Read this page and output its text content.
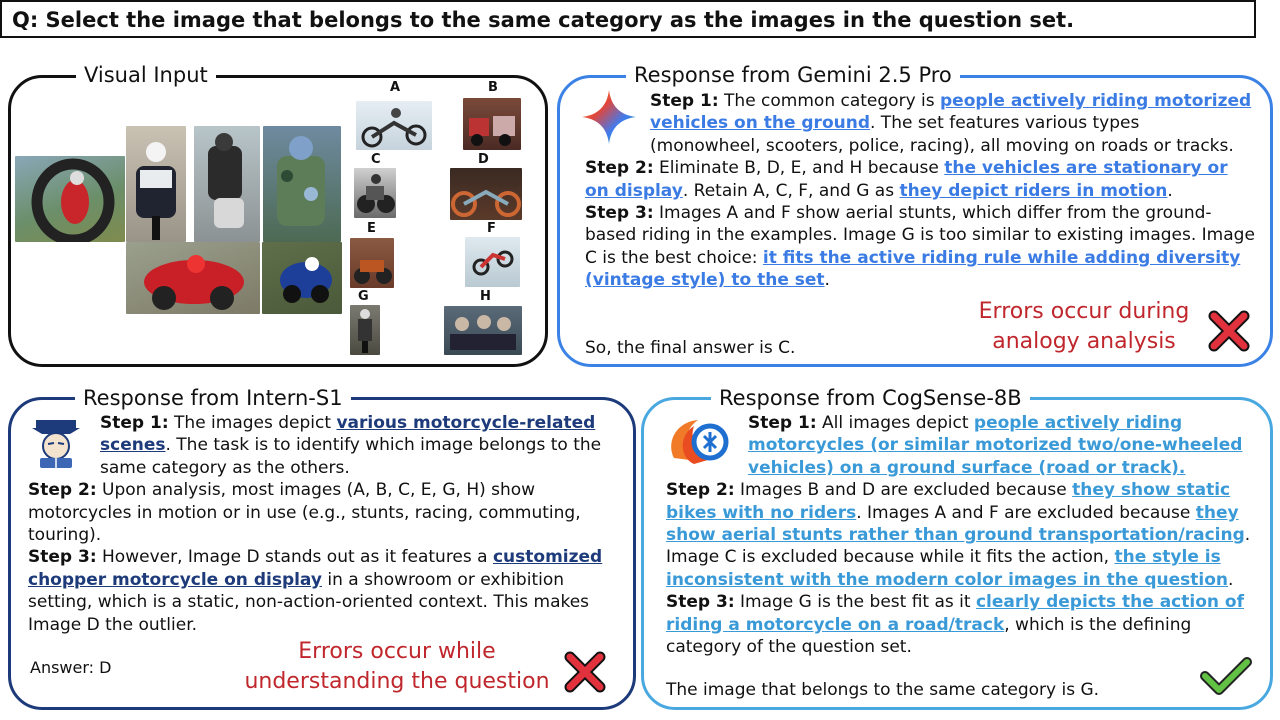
Q: Select the image that belongs to the same category as the images in the question set.
Visual Input
A	B
C	D
E	F
G	H
Response from Gemini 2.5 Pro

Step 1: The common category is people actively riding motorized vehicles on the ground. The set features various types (monowheel, scooters, police, racing), all moving on roads or tracks.

Step 2: Eliminate B, D, E, and H because the vehicles are stationary or on display. Retain A, C, F, and G as they depict riders in motion.

Step 3: Images A and F show aerial stunts, which differ from the ground-based riding in the examples. Image G is too similar to existing images. Image C is the best choice: it fits the active riding rule while adding diversity (vintage style) to the set.

So, the final answer is C.
Errors occur during analogy analysis
Response from Intern-S1

Step 1: The images depict various motorcycle-related scenes. The task is to identify which image belongs to the same category as the others.

Step 2: Upon analysis, most images (A, B, C, E, G, H) show motorcycles in motion or in use (e.g., stunts, racing, commuting, touring).

Step 3: However, Image D stands out as it features a customized chopper motorcycle on display in a showroom or exhibition setting, which is a static, non-action-oriented context. This makes Image D the outlier.

Answer: D
Errors occur while understanding the question
Response from CogSense-8B

Step 1: All images depict people actively riding motorcycles (or similar motorized two/one-wheeled vehicles) on a ground surface (road or track).

Step 2: Images B and D are excluded because they show static bikes with no riders. Images A and F are excluded because they show aerial stunts rather than ground transportation/racing. Image C is excluded because while it fits the action, the style is inconsistent with the modern color images in the question.

Step 3: Image G is the best fit as it clearly depicts the action of riding a motorcycle on a road/track, which is the defining category of the question set.

The image that belongs to the same category is G.
